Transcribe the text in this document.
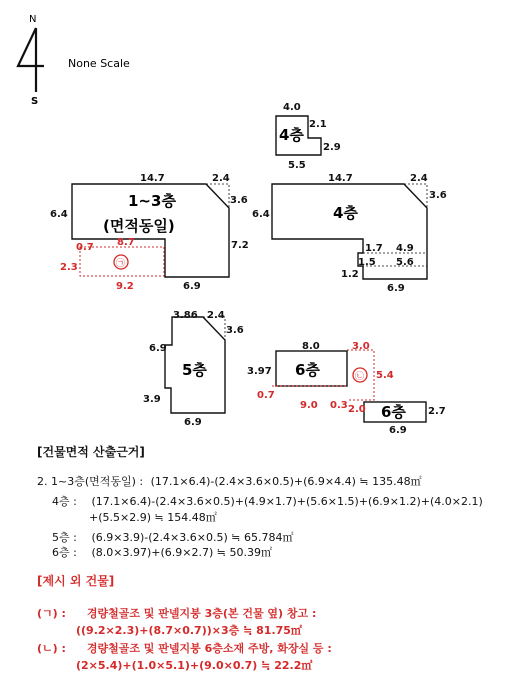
N
S
None Scale
㉠
1~3층
(면적동일)
14.7	2.4
3.6
6.4
7.2
6.9
0.7 8.7
2.3
9.2
4층
4.0
2.1
2.9
5.5
4층
14.7	2.4
3.6
6.4
1.7 4.9
1.5 5.6
1.2
6.9
5층
3.86 2.4
3.6
6.9
3.9
6.9
㉡
6층
6층
8.0
3.97
0.7
9.0
3.0
5.4
0.3 2.0	2.7
6.9
[건물면적 산출근거]
2. 1~3층(면적동일) : (17.1×6.4)-(2.4×3.6×0.5)+(6.9×4.4) ≒ 135.48㎡
4층 : (17.1×6.4)-(2.4×3.6×0.5)+(4.9×1.7)+(5.6×1.5)+(6.9×1.2)+(4.0×2.1)
+(5.5×2.9) ≒ 154.48㎡
5층 : (6.9×3.9)-(2.4×3.6×0.5) ≒ 65.784㎡
6층 : (8.0×3.97)+(6.9×2.7) ≒ 50.39㎡
[제시 외 건물]
(ㄱ) : 경량철골조 및 판넬지붕 3층(본 건물 옆) 창고 :
((9.2×2.3)+(8.7×0.7))×3층 ≒ 81.75㎡
(ㄴ) : 경량철골조 및 판넬지붕 6층소재 주방, 화장실 등 :
(2×5.4)+(1.0×5.1)+(9.0×0.7) ≒ 22.2㎡
